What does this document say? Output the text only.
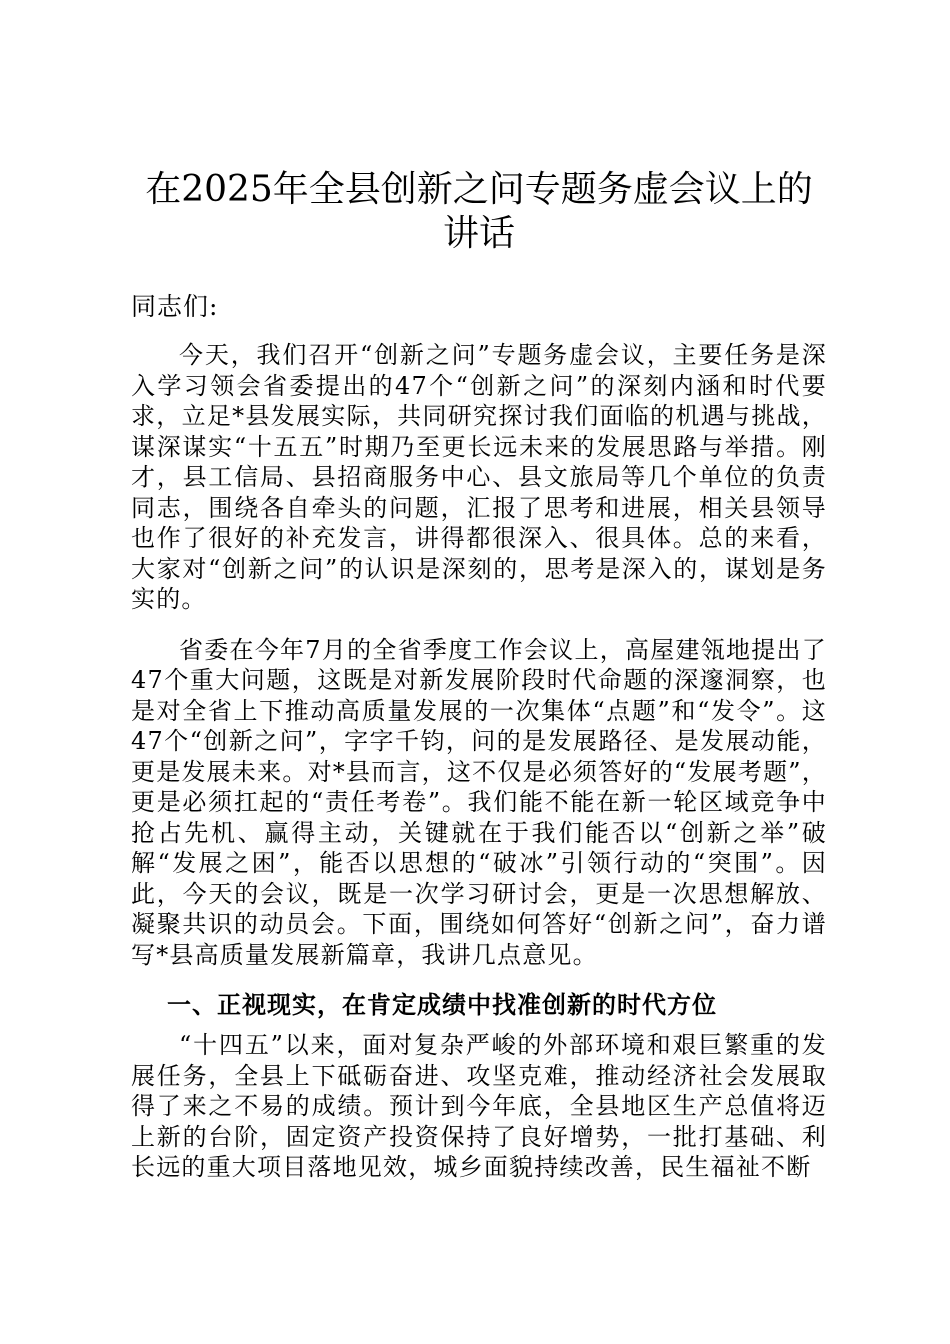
在2025年全县创新之问专题务虚会议上的讲话

同志们:

今天，我们召开“创新之问”专题务虚会议，主要任务是深入学习领会省委提出的47个“创新之问”的深刻内涵和时代要求，立足*县发展实际，共同研究探讨我们面临的机遇与挑战，谋深谋实“十五五”时期乃至更长远未来的发展思路与举措。刚才，县工信局、县招商服务中心、县文旅局等几个单位的负责同志，围绕各自牵头的问题，汇报了思考和进展，相关县领导也作了很好的补充发言，讲得都很深入、很具体。总的来看，大家对“创新之问”的认识是深刻的，思考是深入的，谋划是务实的。

省委在今年7月的全省季度工作会议上，高屋建瓴地提出了47个重大问题，这既是对新发展阶段时代命题的深邃洞察，也是对全省上下推动高质量发展的一次集体“点题”和“发令”。这47个“创新之问”，字字千钧，问的是发展路径、是发展动能，更是发展未来。对*县而言，这不仅是必须答好的“发展考题”，更是必须扛起的“责任考卷”。我们能不能在新一轮区域竞争中抢占先机、赢得主动，关键就在于我们能否以“创新之举”破解“发展之困”，能否以思想的“破冰”引领行动的“突围”。因此，今天的会议，既是一次学习研讨会，更是一次思想解放、凝聚共识的动员会。下面，围绕如何答好“创新之问”，奋力谱写*县高质量发展新篇章，我讲几点意见。

一、正视现实，在肯定成绩中找准创新的时代方位

“十四五”以来，面对复杂严峻的外部环境和艰巨繁重的发展任务，全县上下砥砺奋进、攻坚克难，推动经济社会发展取得了来之不易的成绩。预计到今年底，全县地区生产总值将迈上新的台阶，固定资产投资保持了良好增势，一批打基础、利长远的重大项目落地见效，城乡面貌持续改善，民生福祉不断
